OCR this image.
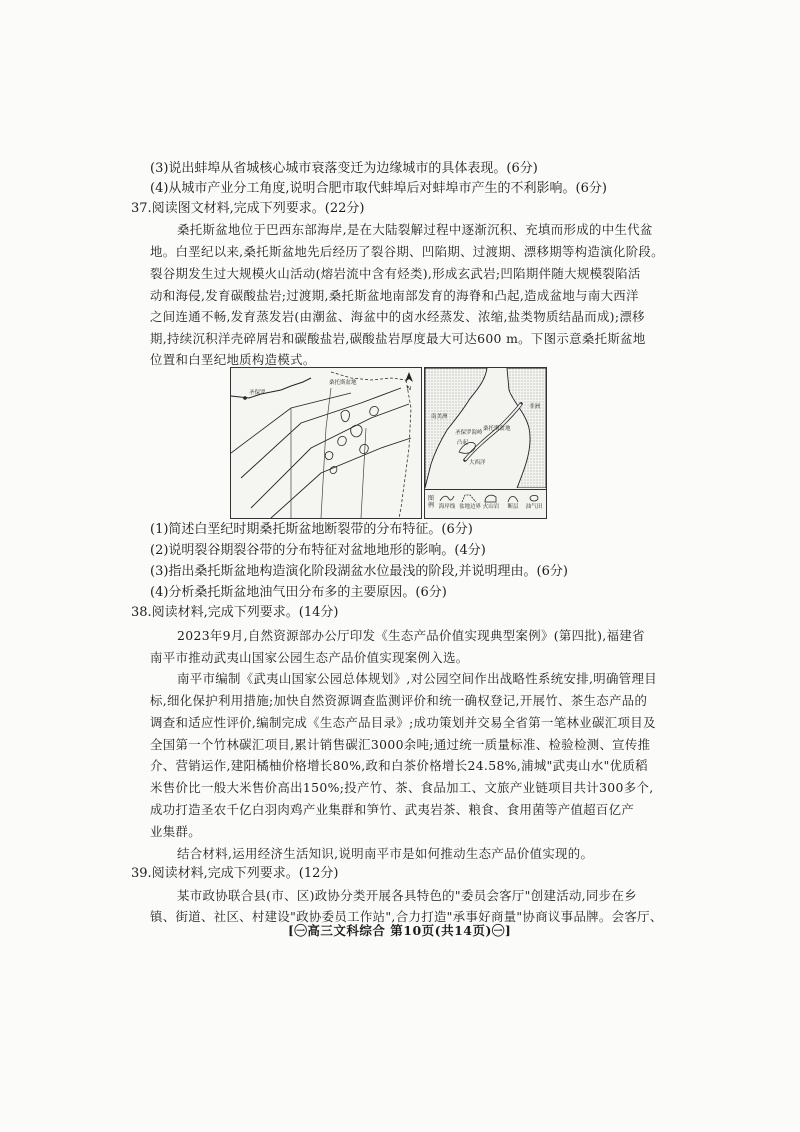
(3)说出蚌埠从省城核心城市衰落变迁为边缘城市的具体表现。(6分)
(4)从城市产业分工角度,说明合肥市取代蚌埠后对蚌埠市产生的不利影响。(6分)
37.阅读图文材料,完成下列要求。(22分)
桑托斯盆地位于巴西东部海岸,是在大陆裂解过程中逐渐沉积、充填而形成的中生代盆
地。白垩纪以来,桑托斯盆地先后经历了裂谷期、凹陷期、过渡期、漂移期等构造演化阶段。
裂谷期发生过大规模火山活动(熔岩流中含有烃类),形成玄武岩;凹陷期伴随大规模裂陷活
动和海侵,发育碳酸盐岩;过渡期,桑托斯盆地南部发育的海脊和凸起,造成盆地与南大西洋
之间连通不畅,发育蒸发岩(由潮盆、海盆中的卤水经蒸发、浓缩,盐类物质结晶而成);漂移
期,持续沉积洋壳碎屑岩和碳酸盐岩,碳酸盐岩厚度最大可达600 m。下图示意桑托斯盆地
位置和白垩纪地质构造模式。
圣保罗
桑托斯盆地
N
南美洲
非洲
桑托斯盆地
圣保罗海岭
凸起
大西洋
图例 海岸线 盆地边界 火山岩	断层	油气田
(1)简述白垩纪时期桑托斯盆地断裂带的分布特征。(6分)
(2)说明裂谷期裂谷带的分布特征对盆地地形的影响。(4分)
(3)指出桑托斯盆地构造演化阶段湖盆水位最浅的阶段,并说明理由。(6分)
(4)分析桑托斯盆地油气田分布多的主要原因。(6分)
38.阅读材料,完成下列要求。(14分)
2023年9月,自然资源部办公厅印发《生态产品价值实现典型案例》(第四批),福建省
南平市推动武夷山国家公园生态产品价值实现案例入选。
南平市编制《武夷山国家公园总体规划》,对公园空间作出战略性系统安排,明确管理目
标,细化保护利用措施;加快自然资源调查监测评价和统一确权登记,开展竹、茶生态产品的
调查和适应性评价,编制完成《生态产品目录》;成功策划并交易全省第一笔林业碳汇项目及
全国第一个竹林碳汇项目,累计销售碳汇3000余吨;通过统一质量标准、检验检测、宣传推
介、营销运作,建阳橘柚价格增长80%,政和白茶价格增长24.58%,浦城"武夷山水"优质稻
米售价比一般大米售价高出150%;投产竹、茶、食品加工、文旅产业链项目共计300多个,
成功打造圣农千亿白羽肉鸡产业集群和笋竹、武夷岩茶、粮食、食用菌等产值超百亿产
业集群。
结合材料,运用经济生活知识,说明南平市是如何推动生态产品价值实现的。
39.阅读材料,完成下列要求。(12分)
某市政协联合县(市、区)政协分类开展各具特色的"委员会客厅"创建活动,同步在乡
镇、街道、社区、村建设"政协委员工作站",合力打造"承事好商量"协商议事品牌。会客厅、
[㊀高三文科综合 第10页(共14页)㊀]
